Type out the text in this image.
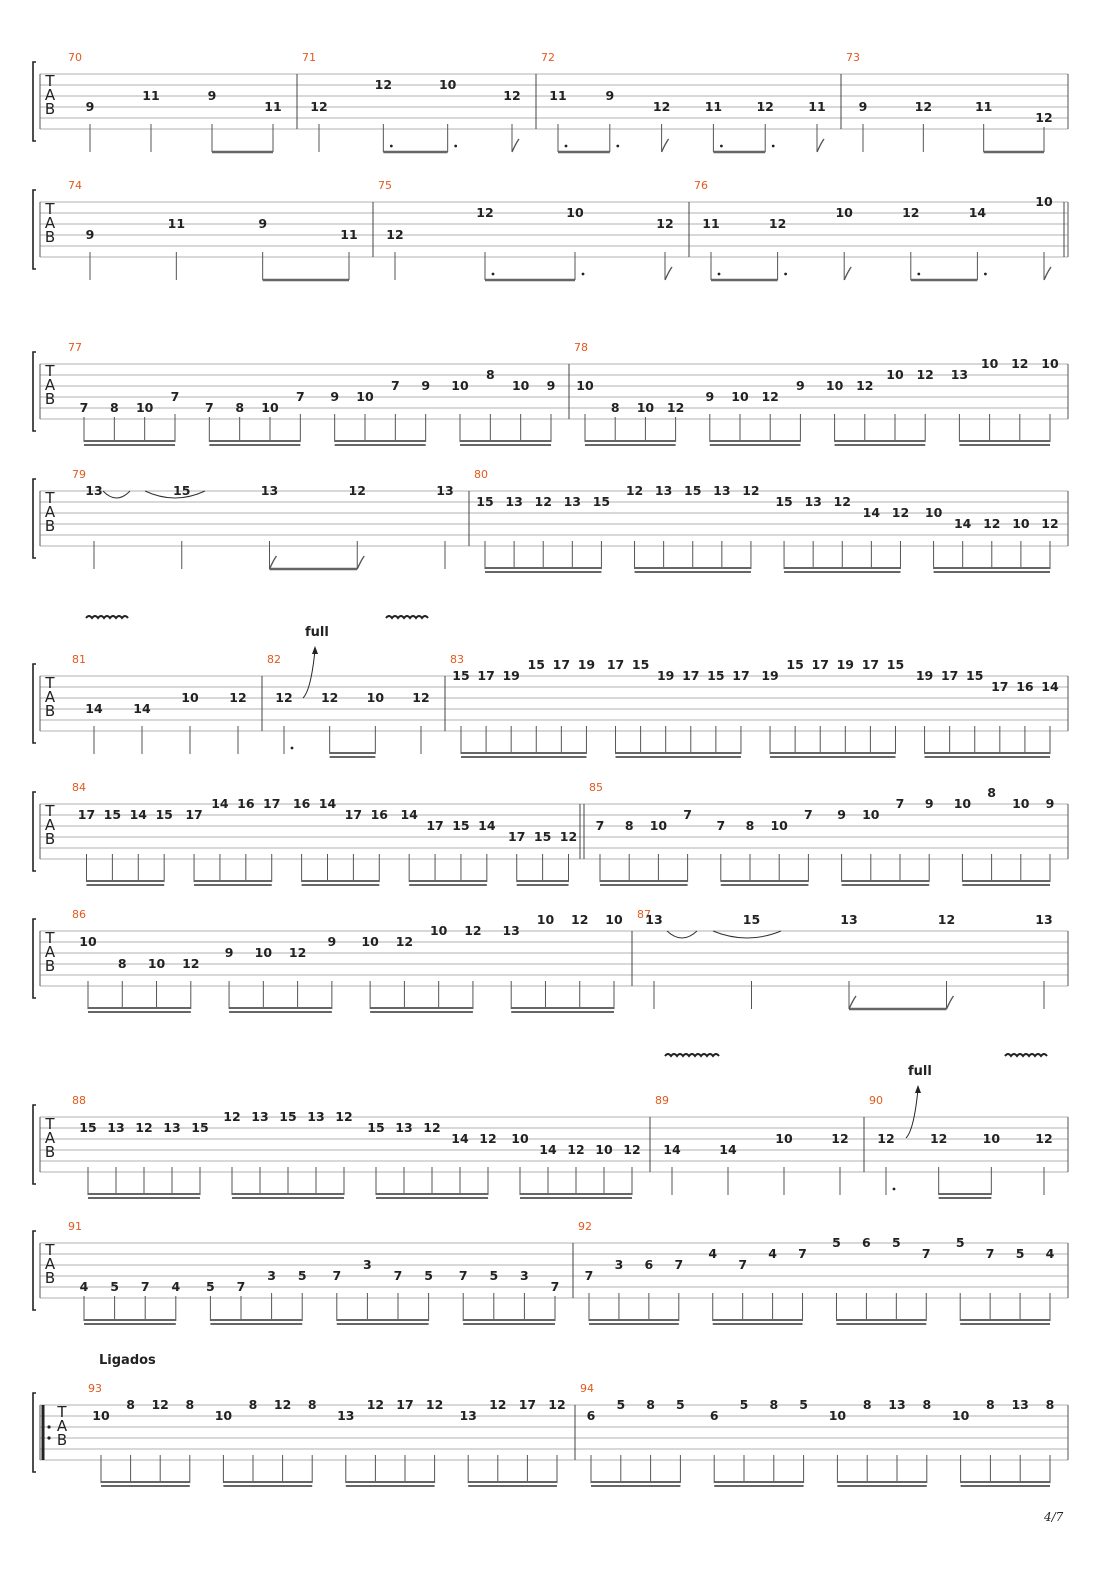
T
A
B
70
9
11	9
11
71
12
12	10
12
72
11	9
12	11	12	11
73
9	12	11
12
T
A
B
74
9
11	9
11
75
12
12	10
12
76
11	12
10	12	14
10
T
A
B
77
7 8 10
7
7 8 10
7 9 10
7 9 10
8
10 9
78
10
8 10 12
9 10 12
9 10 12
10 12 13
10 12 10
T
A
B
79
13	15	13	12	13
80
15 13 12 13 15
12 13 15 13 12
15 13 12
14 12 10
14 12 10 12
T
A
B
81
14 14
10 12
82
12 12 10 12
83
15 17 19
15 17 19 17 15
19 17 15 17 19
15 17 19 17 15
19 17 15
17 16 14
T
A
B
84
17 15 14 15 17
14 16 17 16 14
17 16 14
17 15 14
17 15 12
85
7 8 10
7
7 8 10
7 9 10
7 9 10
8
10 9
T
A
B
86
10
8 10 12
9 10 12
9 10 12
10 12 13
10 12 10 87
13	15	13	12	13
T
A
B
88
15 13 12 13 15
12 13 15 13 12
15 13 12
14 12 10
14 12 10 12
89
14	14
10	12
90
12	12	10	12
T
A
B
91
4 5 7 4 5 7
3 5 7
3
7 5 7 5 3
7
92
7
3 6 7
4
7
4 7
5 6 5
7
5
7 5 4
T
A
B
93
10
8 12 8
10
8 12 8
13
12 17 12
13
12 17 12
94
6
5 8 5
6
5 8 5
10
8 13 8
10
8 13 8
full
full
Ligados
4/7
